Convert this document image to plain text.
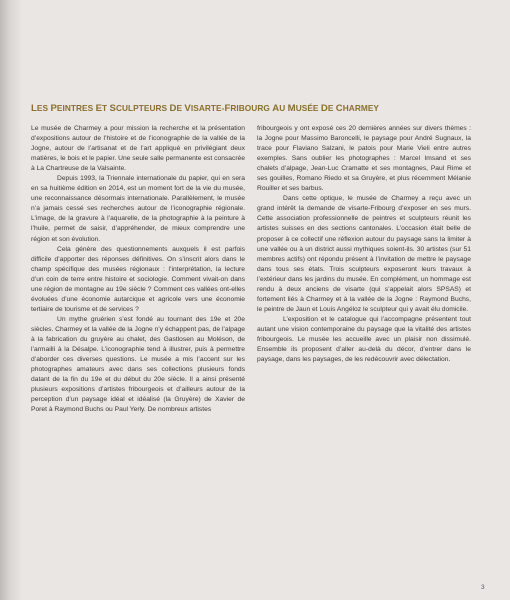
LES PEINTRES ET SCULPTEURS DE VISARTE-FRIBOURG AU MUSÉE DE CHARMEY

Le musée de Charmey a pour mission la recherche et la présentation d’expositions autour de l’histoire et de l’iconographie de la vallée de la Jogne, autour de l’artisanat et de l’art appliqué en privilégiant deux matières, le bois et le papier. Une seule salle permanente est consacrée à La Chartreuse de la Valsainte.

Depuis 1993, la Triennale internationale du papier, qui en sera en sa huitième édition en 2014, est un moment fort de la vie du musée, une reconnaissance désormais internationale. Parallèlement, le musée n’a jamais cessé ses recherches autour de l’iconographie régionale. L’image, de la gravure à l’aquarelle, de la photographie à la peinture à l’huile, permet de saisir, d’appréhender, de mieux comprendre une région et son évolution.

Cela génère des questionnements auxquels il est parfois difficile d’apporter des réponses définitives. On s’inscrit alors dans le champ spécifique des musées régionaux : l’interprétation, la lecture d’un coin de terre entre histoire et sociologie. Comment vivait-on dans une région de montagne au 19e siècle ? Comment ces vallées ont-elles évoluées d’une économie autarcique et agricole vers une économie tertiaire de tourisme et de services ?

Un mythe gruérien s’est fondé au tournant des 19e et 20e siècles. Charmey et la vallée de la Jogne n’y échappent pas, de l’alpage à la fabrication du gruyère au chalet, des Gastlosen au Moléson, de l’armailli à la Désalpe. L’iconographie tend à illustrer, puis à permettre d’aborder ces diverses questions. Le musée a mis l’accent sur les photographes amateurs avec dans ses collections plusieurs fonds datant de la fin du 19e et du début du 20e siècle. Il a ainsi présenté plusieurs expositions d’artistes fribourgeois et d’ailleurs autour de la perception d’un paysage idéal et idéalisé (la Gruyère) de Xavier de Poret à Raymond Buchs ou Paul Yerly. De nombreux artistes

fribourgeois y ont exposé ces 20 dernières années sur divers thèmes : la Jogne pour Massimo Baroncelli, le paysage pour André Sugnaux, la trace pour Flaviano Salzani, le patois pour Marie Vieli entre autres exemples. Sans oublier les photographes : Marcel Imsand et ses chalets d’alpage, Jean-Luc Cramatte et ses montagnes, Paul Rime et ses gouilles, Romano Riedo et sa Gruyère, et plus récemment Mélanie Rouiller et ses barbus.

Dans cette optique, le musée de Charmey a reçu avec un grand intérêt la demande de visarte-Fribourg d’exposer en ses murs. Cette association professionnelle de peintres et sculpteurs réunit les artistes suisses en des sections cantonales. L’occasion était belle de proposer à ce collectif une réflexion autour du paysage sans la limiter à une vallée ou à un district aussi mythiques soient-ils. 30 artistes (sur 51 membres actifs) ont répondu présent à l’invitation de mettre le paysage dans tous ses états. Trois sculpteurs exposeront leurs travaux à l’extérieur dans les jardins du musée. En complément, un hommage est rendu à deux anciens de visarte (qui s’appelait alors SPSAS) et fortement liés à Charmey et à la vallée de la Jogne : Raymond Buchs, le peintre de Jaun et Louis Angéloz le sculpteur qui y avait élu domicile.

L’exposition et le catalogue qui l’accompagne présentent tout autant une vision contemporaine du paysage que la vitalité des artistes fribourgeois. Le musée les accueille avec un plaisir non dissimulé. Ensemble ils proposent d’aller au-delà du décor, d’entrer dans le paysage, dans les paysages, de les redécouvrir avec délectation.

3
